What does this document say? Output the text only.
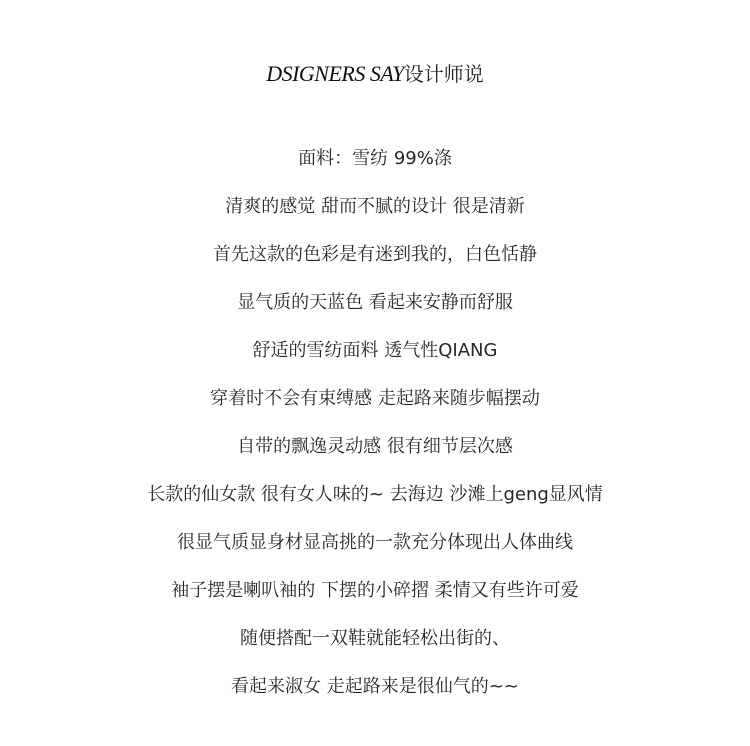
DSIGNERS SAY设计师说
面料：雪纺 99%涤
清爽的感觉 甜而不腻的设计 很是清新
首先这款的色彩是有迷到我的，白色恬静
显气质的天蓝色 看起来安静而舒服
舒适的雪纺面料 透气性QIANG
穿着时不会有束缚感 走起路来随步幅摆动
自带的飘逸灵动感 很有细节层次感
长款的仙女款 很有女人味的~ 去海边 沙滩上geng显风情
很显气质显身材显高挑的一款充分体现出人体曲线
袖子摆是喇叭袖的 下摆的小碎摺 柔情又有些许可爱
随便搭配一双鞋就能轻松出街的、
看起来淑女 走起路来是很仙气的~~
